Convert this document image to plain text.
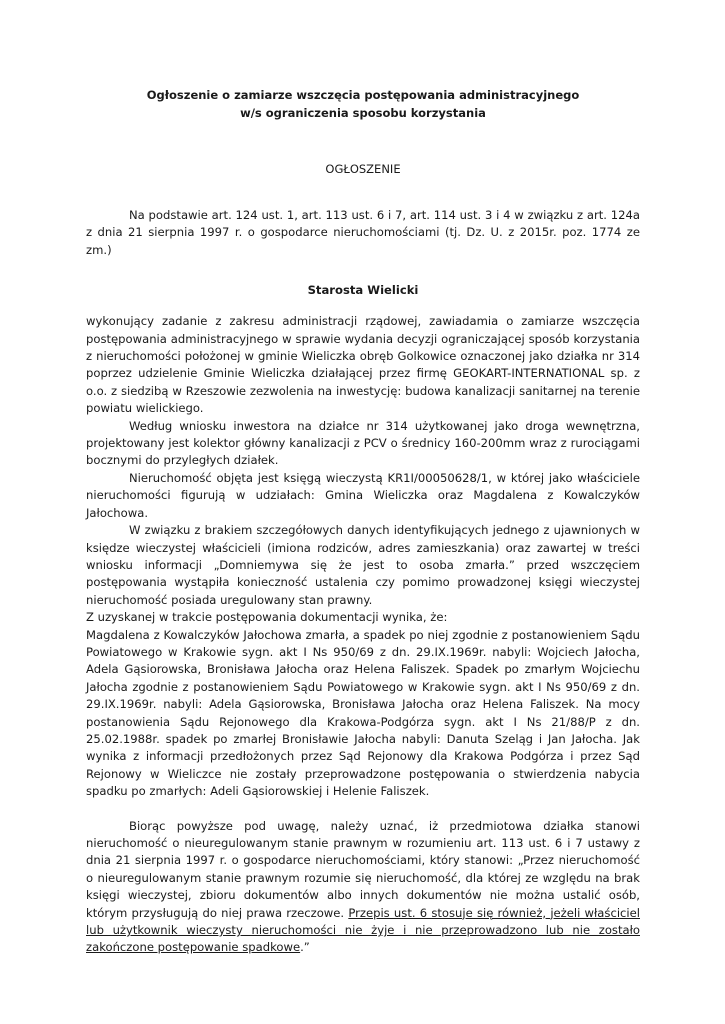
Ogłoszenie o zamiarze wszczęcia postępowania administracyjnego
w/s ograniczenia sposobu korzystania
OGŁOSZENIE

Na podstawie art. 124 ust. 1, art. 113 ust. 6 i 7, art. 114 ust. 3 i 4 w związku z art. 124a z dnia 21 sierpnia 1997 r. o gospodarce nieruchomościami (tj. Dz. U. z 2015r. poz. 1774 ze zm.)

Starosta Wielicki

wykonujący zadanie z zakresu administracji rządowej, zawiadamia o zamiarze wszczęcia postępowania administracyjnego w sprawie wydania decyzji ograniczającej sposób korzystania z nieruchomości położonej w gminie Wieliczka obręb Golkowice oznaczonej jako działka nr 314 poprzez udzielenie Gminie Wieliczka działającej przez firmę GEOKART-INTERNATIONAL sp. z o.o. z siedzibą w Rzeszowie zezwolenia na inwestycję: budowa kanalizacji sanitarnej na terenie powiatu wielickiego.

Według wniosku inwestora na działce nr 314 użytkowanej jako droga wewnętrzna, projektowany jest kolektor główny kanalizacji z PCV o średnicy 160-200mm wraz z rurociągami bocznymi do przyległych działek.

Nieruchomość objęta jest księgą wieczystą KR1I/00050628/1, w której jako właściciele nieruchomości figurują w udziałach: Gmina Wieliczka oraz Magdalena z Kowalczyków Jałochowa.

W związku z brakiem szczegółowych danych identyfikujących jednego z ujawnionych w księdze wieczystej właścicieli (imiona rodziców, adres zamieszkania) oraz zawartej w treści wniosku informacji „Domniemywa się że jest to osoba zmarła.” przed wszczęciem postępowania wystąpiła konieczność ustalenia czy pomimo prowadzonej księgi wieczystej nieruchomość posiada uregulowany stan prawny.

Z uzyskanej w trakcie postępowania dokumentacji wynika, że:

Magdalena z Kowalczyków Jałochowa zmarła, a spadek po niej zgodnie z postanowieniem Sądu Powiatowego w Krakowie sygn. akt I Ns 950/69 z dn. 29.IX.1969r. nabyli: Wojciech Jałocha, Adela Gąsiorowska, Bronisława Jałocha oraz Helena Faliszek. Spadek po zmarłym Wojciechu Jałocha zgodnie z postanowieniem Sądu Powiatowego w Krakowie sygn. akt I Ns 950/69 z dn. 29.IX.1969r. nabyli: Adela Gąsiorowska, Bronisława Jałocha oraz Helena Faliszek. Na mocy postanowienia Sądu Rejonowego dla Krakowa-Podgórza sygn. akt I Ns 21/88/P z dn. 25.02.1988r. spadek po zmarłej Bronisławie Jałocha nabyli: Danuta Szeląg i Jan Jałocha. Jak wynika z informacji przedłożonych przez Sąd Rejonowy dla Krakowa Podgórza i przez Sąd Rejonowy w Wieliczce nie zostały przeprowadzone postępowania o stwierdzenia nabycia spadku po zmarłych: Adeli Gąsiorowskiej i Helenie Faliszek.

Biorąc powyższe pod uwagę, należy uznać, iż przedmiotowa działka stanowi nieruchomość o nieuregulowanym stanie prawnym w rozumieniu art. 113 ust. 6 i 7 ustawy z dnia 21 sierpnia 1997 r. o gospodarce nieruchomościami, który stanowi: „Przez nieruchomość o nieuregulowanym stanie prawnym rozumie się nieruchomość, dla której ze względu na brak księgi wieczystej, zbioru dokumentów albo innych dokumentów nie można ustalić osób, którym przysługują do niej prawa rzeczowe. Przepis ust. 6 stosuje się również, jeżeli właściciel lub użytkownik wieczysty nieruchomości nie żyje i nie przeprowadzono lub nie zostało zakończone postępowanie spadkowe.”
